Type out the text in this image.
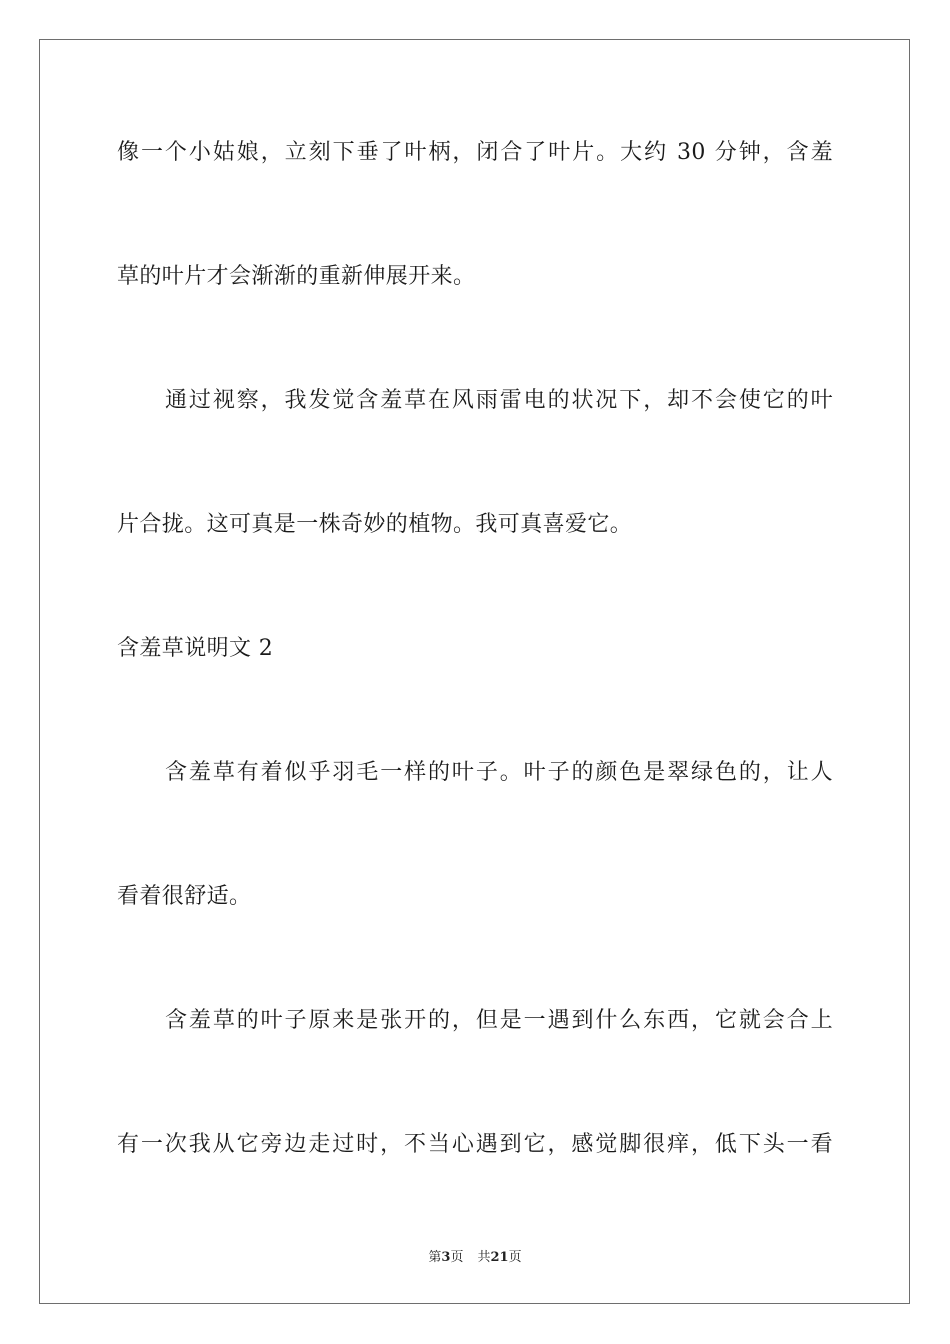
像一个小姑娘，立刻下垂了叶柄，闭合了叶片。大约 30 分钟，含羞
草的叶片才会渐渐的重新伸展开来。
通过视察，我发觉含羞草在风雨雷电的状况下，却不会使它的叶
片合拢。这可真是一株奇妙的植物。我可真喜爱它。
含羞草说明文 2
含羞草有着似乎羽毛一样的叶子。叶子的颜色是翠绿色的，让人
看着很舒适。
含羞草的叶子原来是张开的，但是一遇到什么东西，它就会合上
有一次我从它旁边走过时，不当心遇到它，感觉脚很痒，低下头一看
第3页 共21页
